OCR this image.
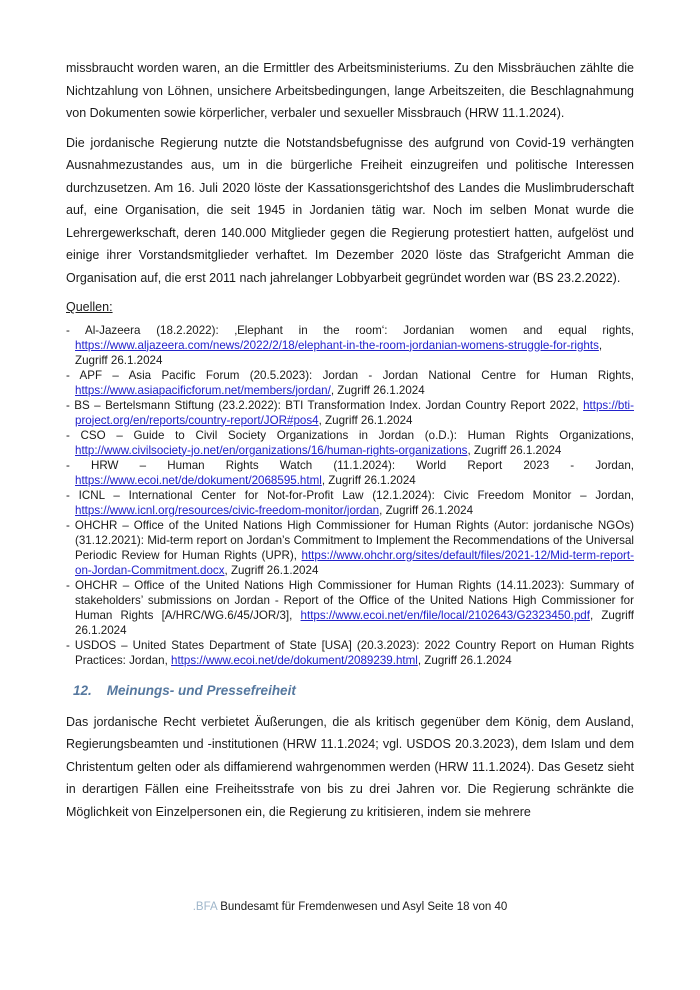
missbraucht worden waren, an die Ermittler des Arbeitsministeriums. Zu den Missbräuchen zählte die Nichtzahlung von Löhnen, unsichere Arbeitsbedingungen, lange Arbeitszeiten, die Beschlagnahmung von Dokumenten sowie körperlicher, verbaler und sexueller Missbrauch (HRW 11.1.2024).

Die jordanische Regierung nutzte die Notstandsbefugnisse des aufgrund von Covid-19 verhängten Ausnahmezustandes aus, um in die bürgerliche Freiheit einzugreifen und politische Interessen durchzusetzen. Am 16. Juli 2020 löste der Kassationsgerichtshof des Landes die Muslimbruderschaft auf, eine Organisation, die seit 1945 in Jordanien tätig war. Noch im selben Monat wurde die Lehrergewerkschaft, deren 140.000 Mitglieder gegen die Regierung protestiert hatten, aufgelöst und einige ihrer Vorstandsmitglieder verhaftet. Im Dezember 2020 löste das Strafgericht Amman die Organisation auf, die erst 2011 nach jahrelanger Lobbyarbeit gegründet worden war (BS 23.2.2022).

Quellen:

- Al-Jazeera (18.2.2022): ‚Elephant in the room‘: Jordanian women and equal rights, https://www.aljazeera.com/news/2022/2/18/elephant-in-the-room-jordanian-womens-struggle-for-rights, Zugriff 26.1.2024
- APF – Asia Pacific Forum (20.5.2023): Jordan - Jordan National Centre for Human Rights, https://www.asiapacificforum.net/members/jordan/, Zugriff 26.1.2024
- BS – Bertelsmann Stiftung (23.2.2022): BTI Transformation Index. Jordan Country Report 2022, https://bti-project.org/en/reports/country-report/JOR#pos4, Zugriff 26.1.2024
- CSO – Guide to Civil Society Organizations in Jordan (o.D.): Human Rights Organizations, http://www.civilsociety-jo.net/en/organizations/16/human-rights-organizations, Zugriff 26.1.2024
- HRW – Human Rights Watch (11.1.2024): World Report 2023 - Jordan, https://www.ecoi.net/de/dokument/2068595.html, Zugriff 26.1.2024
- ICNL – International Center for Not-for-Profit Law (12.1.2024): Civic Freedom Monitor – Jordan, https://www.icnl.org/resources/civic-freedom-monitor/jordan, Zugriff 26.1.2024
- OHCHR – Office of the United Nations High Commissioner for Human Rights (Autor: jordanische NGOs) (31.12.2021): Mid-term report on Jordan’s Commitment to Implement the Recommendations of the Universal Periodic Review for Human Rights (UPR), https://www.ohchr.org/sites/default/files/2021-12/Mid-term-report-on-Jordan-Commitment.docx, Zugriff 26.1.2024
- OHCHR – Office of the United Nations High Commissioner for Human Rights (14.11.2023): Summary of stakeholders’ submissions on Jordan - Report of the Office of the United Nations High Commissioner for Human Rights [A/HRC/WG.6/45/JOR/3], https://www.ecoi.net/en/file/local/2102643/G2323450.pdf, Zugriff 26.1.2024
- USDOS – United States Department of State [USA] (20.3.2023): 2022 Country Report on Human Rights Practices: Jordan, https://www.ecoi.net/de/dokument/2089239.html, Zugriff 26.1.2024
12. Meinungs- und Pressefreiheit

Das jordanische Recht verbietet Äußerungen, die als kritisch gegenüber dem König, dem Ausland, Regierungsbeamten und -institutionen (HRW 11.1.2024; vgl. USDOS 20.3.2023), dem Islam und dem Christentum gelten oder als diffamierend wahrgenommen werden (HRW 11.1.2024). Das Gesetz sieht in derartigen Fällen eine Freiheitsstrafe von bis zu drei Jahren vor. Die Regierung schränkte die Möglichkeit von Einzelpersonen ein, die Regierung zu kritisieren, indem sie mehrere

.BFA Bundesamt für Fremdenwesen und Asyl Seite 18 von 40
